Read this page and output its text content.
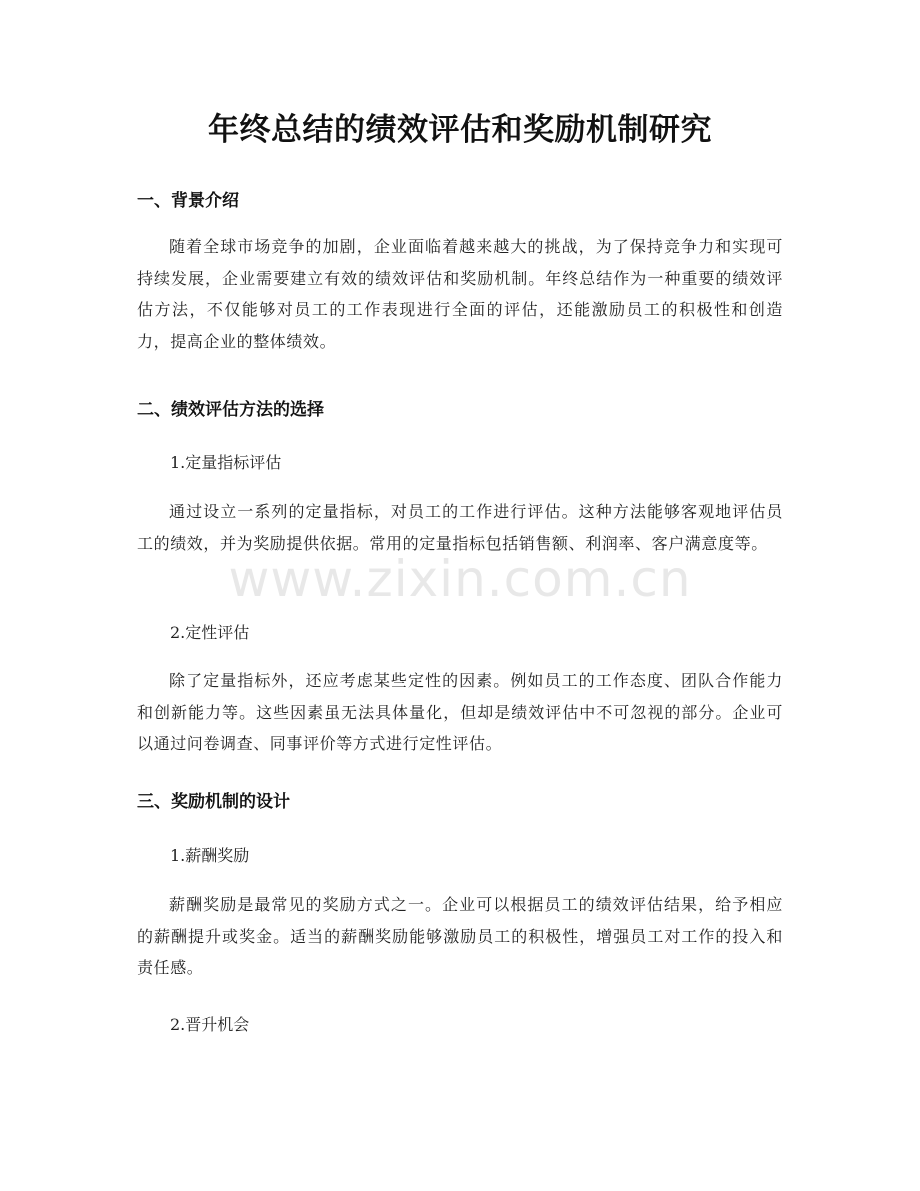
年终总结的绩效评估和奖励机制研究
一、背景介绍
随着全球市场竞争的加剧，企业面临着越来越大的挑战，为了保持竞争力和实现可持续发展，企业需要建立有效的绩效评估和奖励机制。年终总结作为一种重要的绩效评估方法，不仅能够对员工的工作表现进行全面的评估，还能激励员工的积极性和创造力，提高企业的整体绩效。
二、绩效评估方法的选择
1.定量指标评估
通过设立一系列的定量指标，对员工的工作进行评估。这种方法能够客观地评估员工的绩效，并为奖励提供依据。常用的定量指标包括销售额、利润率、客户满意度等。
2.定性评估
除了定量指标外，还应考虑某些定性的因素。例如员工的工作态度、团队合作能力和创新能力等。这些因素虽无法具体量化，但却是绩效评估中不可忽视的部分。企业可以通过问卷调查、同事评价等方式进行定性评估。
三、奖励机制的设计
1.薪酬奖励
薪酬奖励是最常见的奖励方式之一。企业可以根据员工的绩效评估结果，给予相应的薪酬提升或奖金。适当的薪酬奖励能够激励员工的积极性，增强员工对工作的投入和责任感。
2.晋升机会
www.zixin.com.cn
